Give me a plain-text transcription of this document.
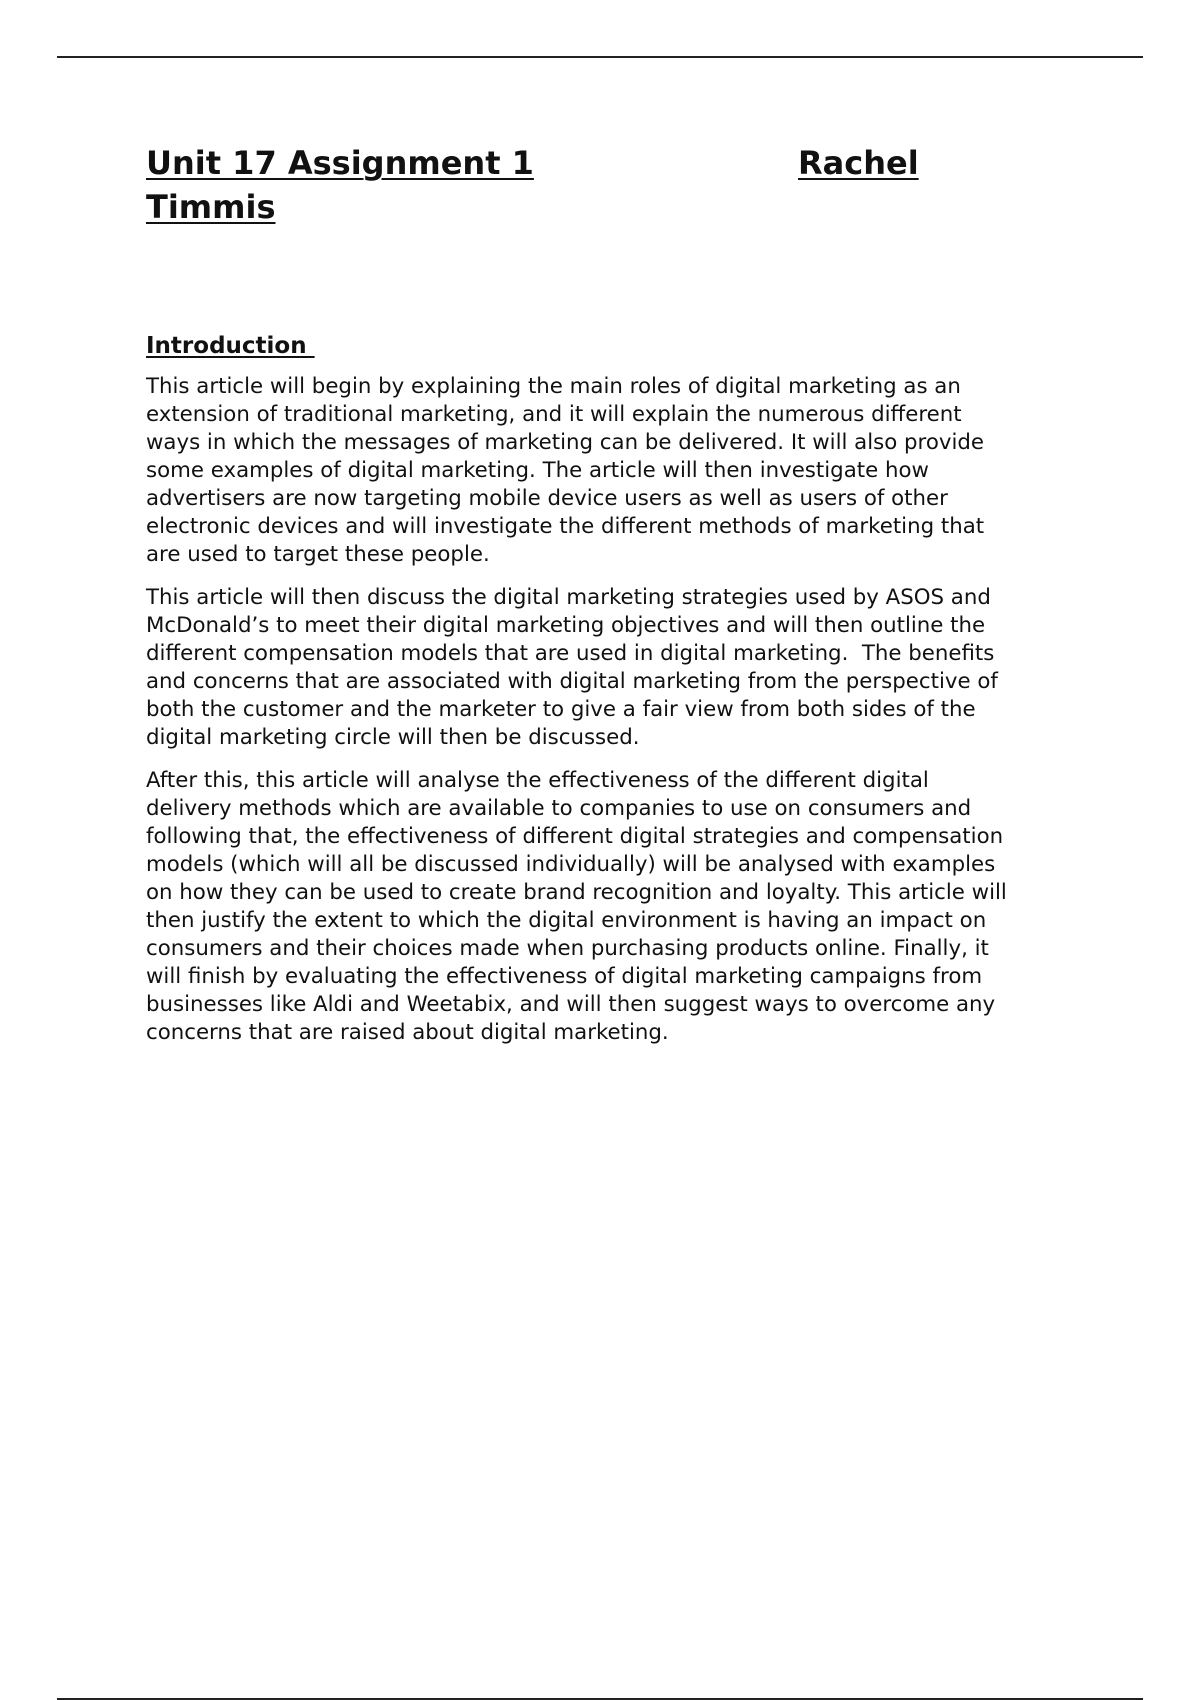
Unit 17 Assignment 1	Rachel
Timmis
Introduction
This article will begin by explaining the main roles of digital marketing as an
extension of traditional marketing, and it will explain the numerous different
ways in which the messages of marketing can be delivered. It will also provide
some examples of digital marketing. The article will then investigate how
advertisers are now targeting mobile device users as well as users of other
electronic devices and will investigate the different methods of marketing that
are used to target these people.
This article will then discuss the digital marketing strategies used by ASOS and
McDonald’s to meet their digital marketing objectives and will then outline the
different compensation models that are used in digital marketing.  The benefits
and concerns that are associated with digital marketing from the perspective of
both the customer and the marketer to give a fair view from both sides of the
digital marketing circle will then be discussed.
After this, this article will analyse the effectiveness of the different digital
delivery methods which are available to companies to use on consumers and
following that, the effectiveness of different digital strategies and compensation
models (which will all be discussed individually) will be analysed with examples
on how they can be used to create brand recognition and loyalty. This article will
then justify the extent to which the digital environment is having an impact on
consumers and their choices made when purchasing products online. Finally, it
will finish by evaluating the effectiveness of digital marketing campaigns from
businesses like Aldi and Weetabix, and will then suggest ways to overcome any
concerns that are raised about digital marketing.
